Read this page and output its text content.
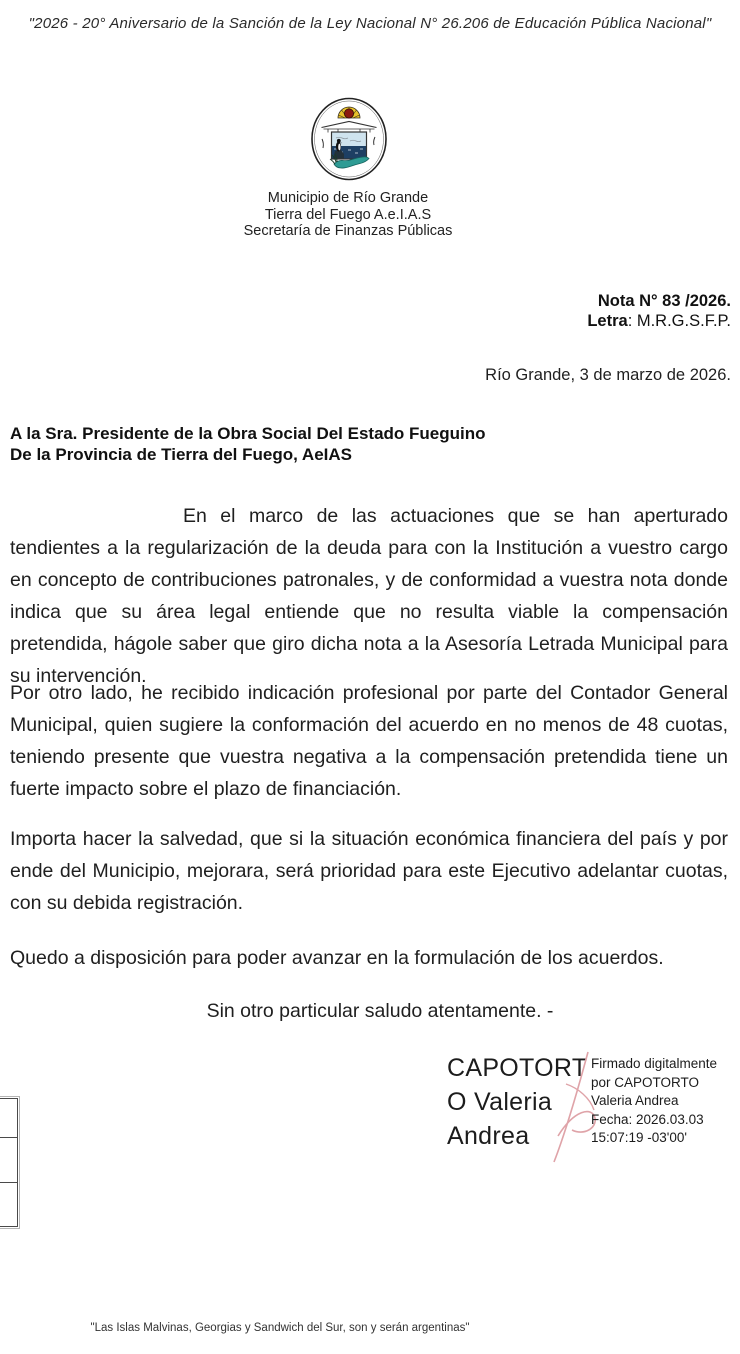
"2026 - 20° Aniversario de la Sanción de la Ley Nacional N° 26.206 de Educación Pública Nacional"
Municipio de Río Grande
Tierra del Fuego A.e.I.A.S
Secretaría de Finanzas Públicas
Nota N° 83 /2026.
Letra: M.R.G.S.F.P.
Río Grande, 3 de marzo de 2026.
A la Sra. Presidente de la Obra Social Del Estado Fueguino
De la Provincia de Tierra del Fuego, AeIAS
En el marco de las actuaciones que se han aperturado tendientes a la regularización de la deuda para con la Institución a vuestro cargo en concepto de contribuciones patronales, y de conformidad a vuestra nota donde indica que su área legal entiende que no resulta viable la compensación pretendida, hágole saber que giro dicha nota a la Asesoría Letrada Municipal para su intervención.
Por otro lado, he recibido indicación profesional por parte del Contador General Municipal, quien sugiere la conformación del acuerdo en no menos de 48 cuotas, teniendo presente que vuestra negativa a la compensación pretendida tiene un fuerte impacto sobre el plazo de financiación.
Importa hacer la salvedad, que si la situación económica financiera del país y por ende del Municipio, mejorara, será prioridad para este Ejecutivo adelantar cuotas, con su debida registración.
Quedo a disposición para poder avanzar en la formulación de los acuerdos.
Sin otro particular saludo atentamente. -
CAPOTORT
O Valeria
Andrea
Firmado digitalmente
por CAPOTORTO
Valeria Andrea
Fecha: 2026.03.03
15:07:19 -03'00'
"Las Islas Malvinas, Georgias y Sandwich del Sur, son y serán argentinas"
